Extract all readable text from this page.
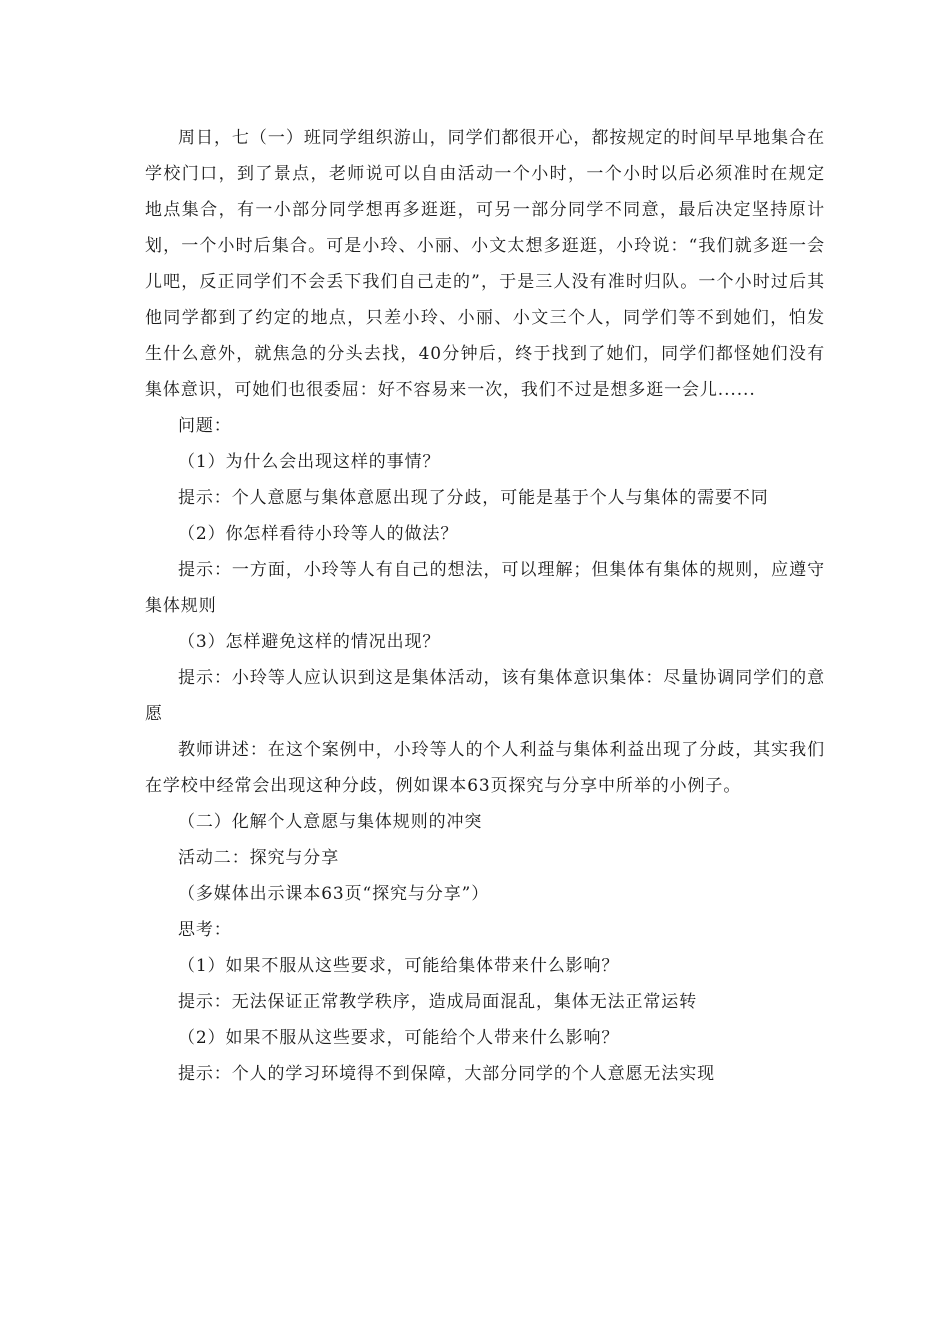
周日，七（一）班同学组织游山，同学们都很开心，都按规定的时间早早地集合在学校门口，到了景点，老师说可以自由活动一个小时，一个小时以后必须准时在规定地点集合，有一小部分同学想再多逛逛，可另一部分同学不同意，最后决定坚持原计划，一个小时后集合。可是小玲、小丽、小文太想多逛逛，小玲说：“我们就多逛一会儿吧，反正同学们不会丢下我们自己走的”，于是三人没有准时归队。一个小时过后其他同学都到了约定的地点，只差小玲、小丽、小文三个人，同学们等不到她们，怕发生什么意外，就焦急的分头去找，40分钟后，终于找到了她们，同学们都怪她们没有集体意识，可她们也很委屈：好不容易来一次，我们不过是想多逛一会儿......

问题：

（1）为什么会出现这样的事情？

提示：个人意愿与集体意愿出现了分歧，可能是基于个人与集体的需要不同

（2）你怎样看待小玲等人的做法？

提示：一方面，小玲等人有自己的想法，可以理解；但集体有集体的规则，应遵守集体规则

（3）怎样避免这样的情况出现？

提示：小玲等人应认识到这是集体活动，该有集体意识集体：尽量协调同学们的意愿

教师讲述：在这个案例中，小玲等人的个人利益与集体利益出现了分歧，其实我们在学校中经常会出现这种分歧，例如课本63页探究与分享中所举的小例子。

（二）化解个人意愿与集体规则的冲突

活动二：探究与分享

（多媒体出示课本63页“探究与分享”）

思考：

（1）如果不服从这些要求，可能给集体带来什么影响？

提示：无法保证正常教学秩序，造成局面混乱，集体无法正常运转

（2）如果不服从这些要求，可能给个人带来什么影响？

提示：个人的学习环境得不到保障，大部分同学的个人意愿无法实现
